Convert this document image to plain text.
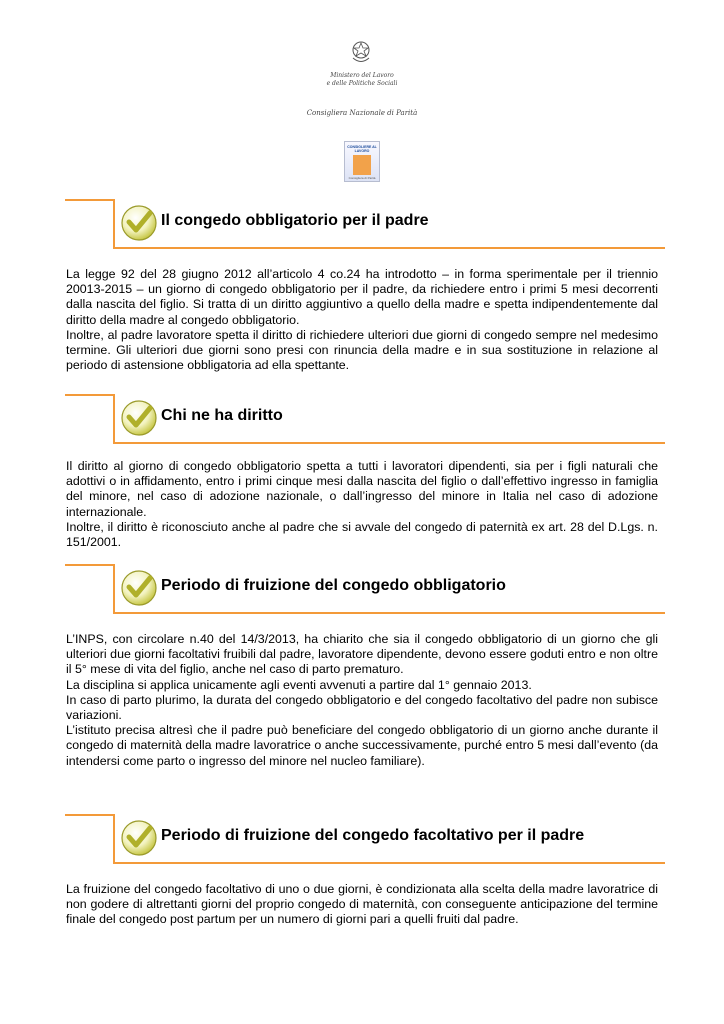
Ministero del Lavoro
e delle Politiche Sociali
Consigliera Nazionale di Parità
CONSIGLIERE AL LAVORO
Consigliera di Parità
Il congedo obbligatorio per il padre

La legge 92 del 28 giugno 2012 all’articolo 4 co.24 ha introdotto – in forma sperimentale per il triennio 20013-2015 – un giorno di congedo obbligatorio per il padre, da richiedere entro i primi 5 mesi decorrenti dalla nascita del figlio. Si tratta di un diritto aggiuntivo a quello della madre e spetta indipendentemente dal diritto della madre al congedo obbligatorio.

Inoltre, al padre lavoratore spetta il diritto di richiedere ulteriori due giorni di congedo sempre nel medesimo termine. Gli ulteriori due giorni sono presi con rinuncia della madre e in sua sostituzione in relazione al periodo di astensione obbligatoria ad ella spettante.

Chi ne ha diritto

Il diritto al giorno di congedo obbligatorio spetta a tutti i lavoratori dipendenti, sia per i figli naturali che adottivi o in affidamento, entro i primi cinque mesi dalla nascita del figlio o dall’effettivo ingresso in famiglia del minore, nel caso di adozione nazionale, o dall’ingresso del minore in Italia nel caso di adozione internazionale.

Inoltre, il diritto è riconosciuto anche al padre che si avvale del congedo di paternità ex art. 28 del D.Lgs. n. 151/2001.

Periodo di fruizione del congedo obbligatorio

L’INPS, con circolare n.40 del 14/3/2013, ha chiarito che sia il congedo obbligatorio di un giorno che gli ulteriori due giorni facoltativi fruibili dal padre, lavoratore dipendente, devono essere goduti entro e non oltre il 5° mese di vita del figlio, anche nel caso di parto prematuro.

La disciplina si applica unicamente agli eventi avvenuti a partire dal 1° gennaio 2013.

In caso di parto plurimo, la durata del congedo obbligatorio e del congedo facoltativo del padre non subisce variazioni.

L’istituto precisa altresì che il padre può beneficiare del congedo obbligatorio di un giorno anche durante il congedo di maternità della madre lavoratrice o anche successivamente, purché entro 5 mesi dall’evento (da intendersi come parto o ingresso del minore nel nucleo familiare).

Periodo di fruizione del congedo facoltativo per il padre

La fruizione del congedo facoltativo di uno o due giorni, è condizionata alla scelta della madre lavoratrice di non godere di altrettanti giorni del proprio congedo di maternità, con conseguente anticipazione del termine finale del congedo post partum per un numero di giorni pari a quelli fruiti dal padre.
